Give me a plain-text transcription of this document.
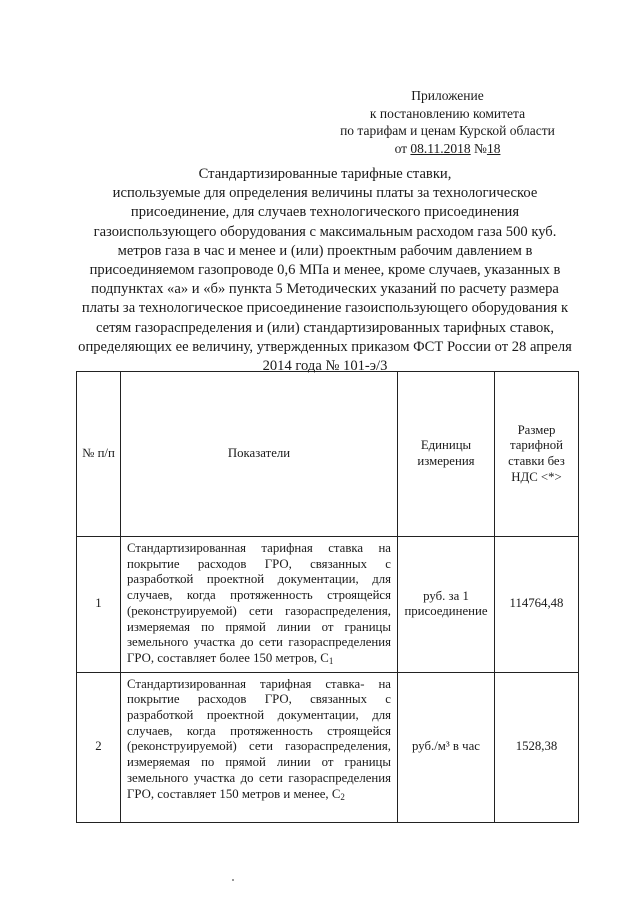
Приложение
к постановлению комитета
по тарифам и ценам Курской области
от 08.11.2018 №18

Стандартизированные тарифные ставки,

используемые для определения величины платы за технологическое присоединение, для случаев технологического присоединения газоиспользующего оборудования с максимальным расходом газа 500 куб. метров газа в час и менее и (или) проектным рабочим давлением в присоединяемом газопроводе 0,6 МПа и менее, кроме случаев, указанных в подпунктах «а» и «б» пункта 5 Методических указаний по расчету размера платы за технологическое присоединение газоиспользующего оборудования к сетям газораспределения и (или) стандартизированных тарифных ставок, определяющих ее величину, утвержденных приказом ФСТ России от 28 апреля 2014 года № 101-э/3

№ п/п	Показатели	Единицы измерения	Размер тарифной ставки без НДС <*>
1	Стандартизированная тарифная ставка на покрытие расходов ГРО, связанных с разработкой проектной документации, для случаев, когда протяженность строящейся (реконструируемой) сети газораспределения, измеряемая по прямой линии от границы земельного участка до сети газораспределения ГРО, составляет более 150 метров, $С_1$	руб. за 1 присоединение	114764,48
2	Стандартизированная тарифная ставка- на покрытие расходов ГРО, связанных с разработкой проектной документации, для случаев, когда протяженность строящейся (реконструируемой) сети газораспределения, измеряемая по прямой линии от границы земельного участка до сети газораспределения ГРО, составляет 150 метров и менее, $С_2$	руб./м³ в час	1528,38
